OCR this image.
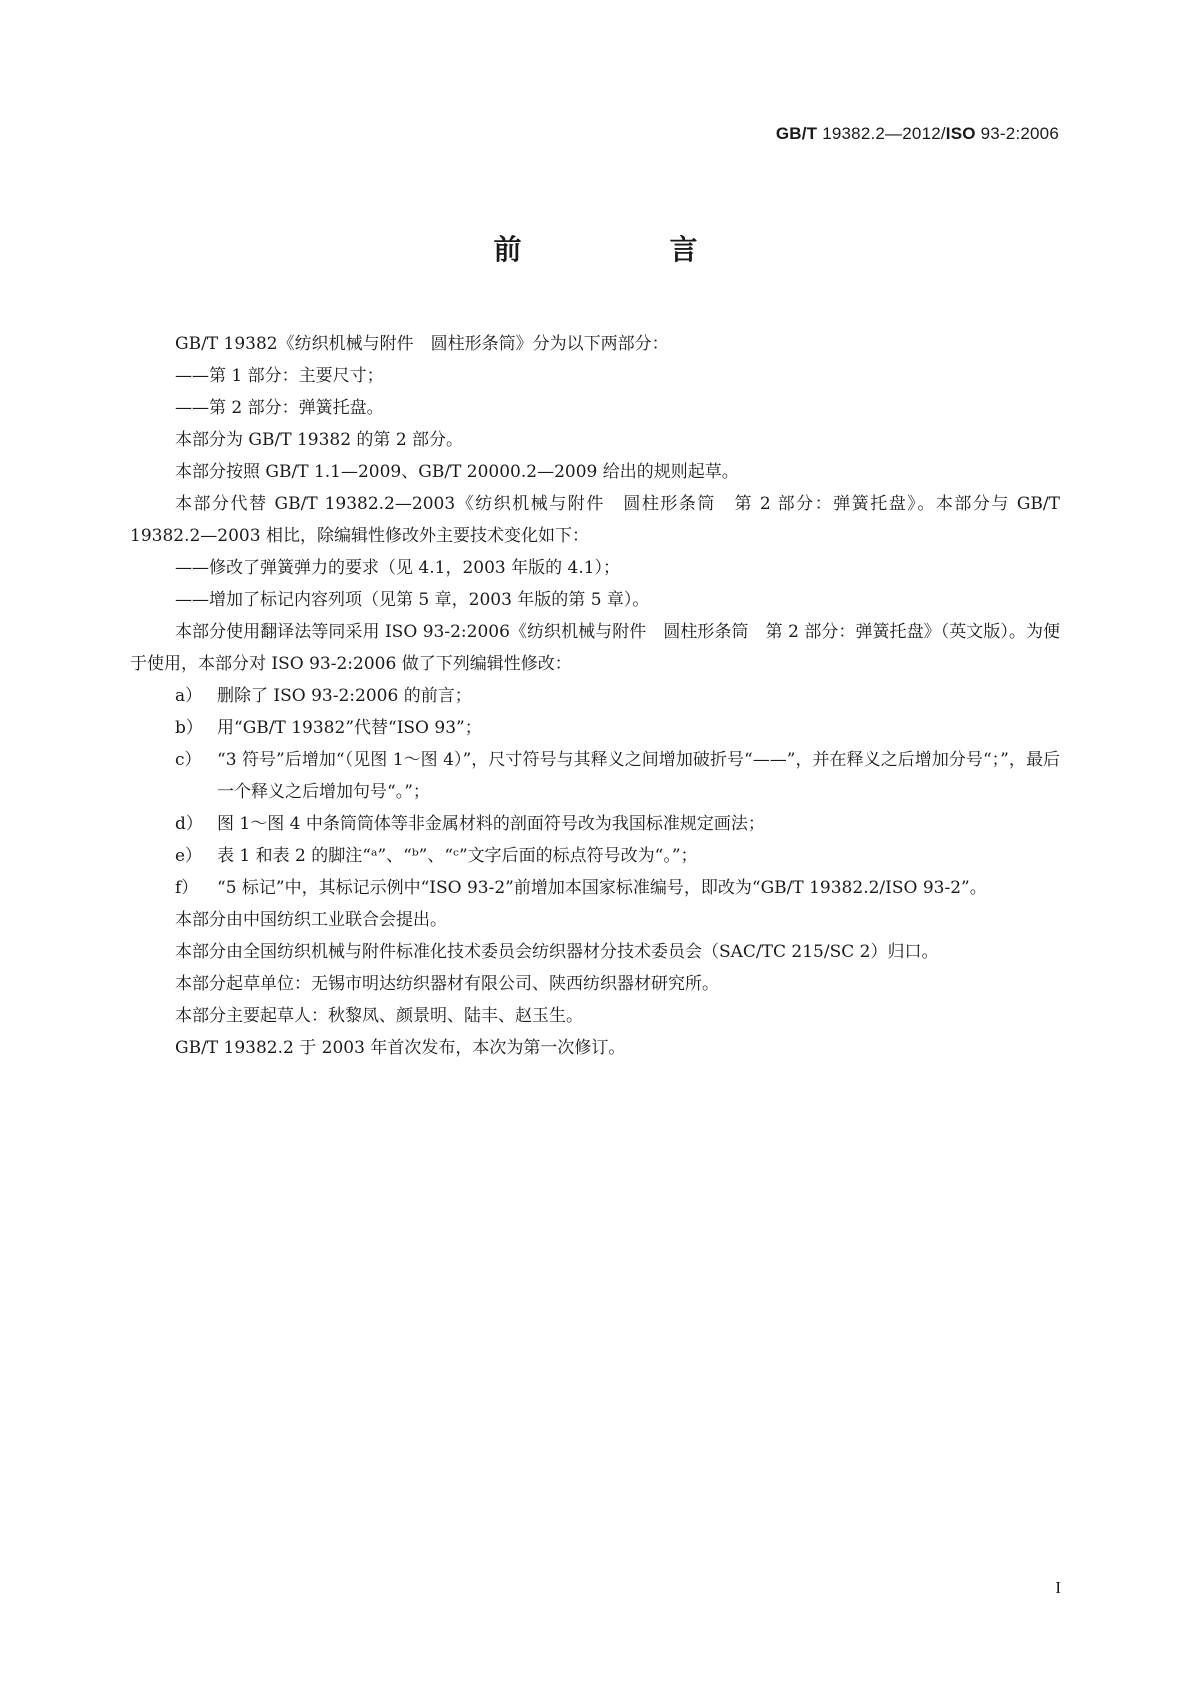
GB/T 19382.2—2012/ISO 93-2:2006
前　言

GB/T 19382《纺织机械与附件　圆柱形条筒》分为以下两部分：

——第 1 部分：主要尺寸；

——第 2 部分：弹簧托盘。

本部分为 GB/T 19382 的第 2 部分。

本部分按照 GB/T 1.1—2009、GB/T 20000.2—2009 给出的规则起草。

本部分代替 GB/T 19382.2—2003《纺织机械与附件　圆柱形条筒　第 2 部分：弹簧托盘》。本部分与 GB/T 19382.2—2003 相比，除编辑性修改外主要技术变化如下：

——修改了弹簧弹力的要求（见 4.1，2003 年版的 4.1）；

——增加了标记内容列项（见第 5 章，2003 年版的第 5 章）。

本部分使用翻译法等同采用 ISO 93-2:2006《纺织机械与附件　圆柱形条筒　第 2 部分：弹簧托盘》（英文版）。为便于使用，本部分对 ISO 93-2:2006 做了下列编辑性修改：

a） 删除了 ISO 93-2:2006 的前言；

b） 用“GB/T 19382”代替“ISO 93”；

c） “3 符号”后增加“（见图 1～图 4）”，尺寸符号与其释义之间增加破折号“——”，并在释义之后增加分号“；”，最后一个释义之后增加句号“。”；

d） 图 1～图 4 中条筒筒体等非金属材料的剖面符号改为我国标准规定画法；

e） 表 1 和表 2 的脚注“ᵃ”、“ᵇ”、“ᶜ”文字后面的标点符号改为“。”；

f） “5 标记”中，其标记示例中“ISO 93-2”前增加本国家标准编号，即改为“GB/T 19382.2/ISO 93-2”。

本部分由中国纺织工业联合会提出。

本部分由全国纺织机械与附件标准化技术委员会纺织器材分技术委员会（SAC/TC 215/SC 2）归口。

本部分起草单位：无锡市明达纺织器材有限公司、陕西纺织器材研究所。

本部分主要起草人：秋黎凤、颜景明、陆丰、赵玉生。

GB/T 19382.2 于 2003 年首次发布，本次为第一次修订。

I
